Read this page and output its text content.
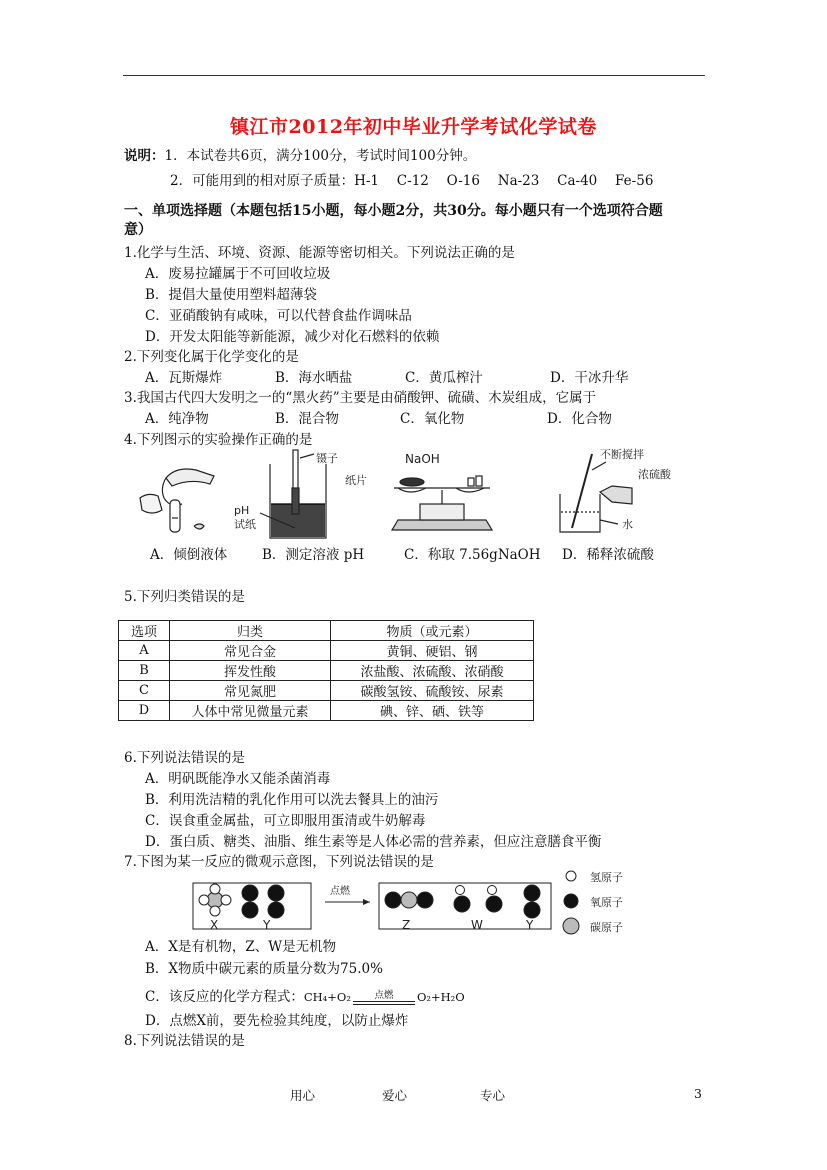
镇江市2012年初中毕业升学考试化学试卷
说明：1．本试卷共6页，满分100分，考试时间100分钟。
2．可能用到的相对原子质量：H-1　 C-12　 O-16　 Na-23　 Ca-40　 Fe-56
一、单项选择题（本题包括15小题，每小题2分，共30分。每小题只有一个选项符合题
意）
1.化学与生活、环境、资源、能源等密切相关。下列说法正确的是
A．废易拉罐属于不可回收垃圾
B．提倡大量使用塑料超薄袋
C．亚硝酸钠有咸味，可以代替食盐作调味品
D．开发太阳能等新能源，减少对化石燃料的依赖
2.下列变化属于化学变化的是
A．瓦斯爆炸	B．海水晒盐	C．黄瓜榨汁	D．干冰升华
3.我国古代四大发明之一的“黑火药”主要是由硝酸钾、硫磺、木炭组成，它属于
A．纯净物	B．混合物	C．氧化物	D．化合物
4.下列图示的实验操作正确的是
镊子
pH
试纸
NaOH
纸片
不断搅拌
浓硫酸
水
A．倾倒液体	B．测定溶液 pH	C．称取 7.56gNaOH D．稀释浓硫酸
5.下列归类错误的是
选项	归类	物质（或元素）
A	常见合金	黄铜、硬铝、钢
B	挥发性酸	浓盐酸、浓硫酸、浓硝酸
C	常见氮肥	碳酸氢铵、硫酸铵、尿素
D	人体中常见微量元素	碘、锌、硒、铁等
6.下列说法错误的是
A．明矾既能净水又能杀菌消毒
B．利用洗洁精的乳化作用可以洗去餐具上的油污
C．误食重金属盐，可立即服用蛋清或牛奶解毒
D．蛋白质、糖类、油脂、维生素等是人体必需的营养素，但应注意膳食平衡
7.下图为某一反应的微观示意图，下列说法错误的是
X	Y
点燃
Z	W	Y
氢原子
氧原子
碳原子
A．X是有机物，Z、W是无机物
B．X物质中碳元素的质量分数为75.0%
C．该反应的化学方程式：CH₄+O₂	点燃	O₂+H₂O
D．点燃X前，要先检验其纯度，以防止爆炸
8.下列说法错误的是
用心	爱心	专心	3
